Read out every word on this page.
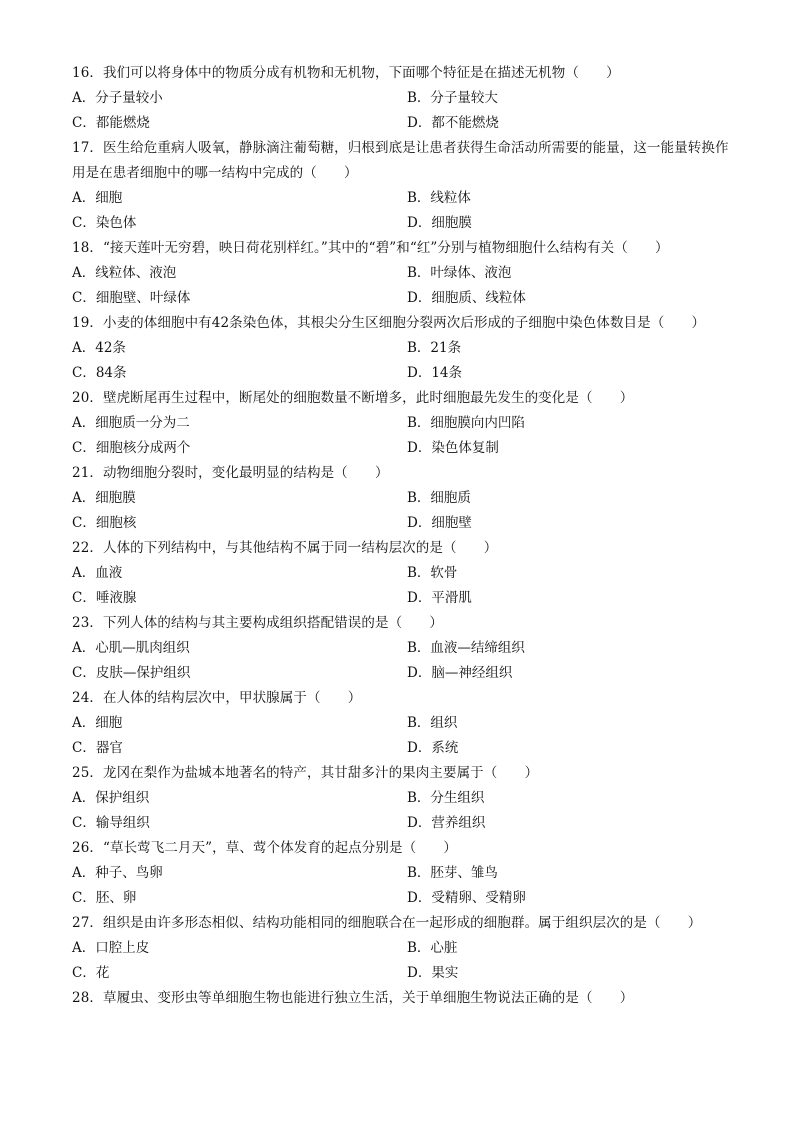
16．我们可以将身体中的物质分成有机物和无机物，下面哪个特征是在描述无机物（　　）
A．分子量较小	B．分子量较大
C．都能燃烧	D．都不能燃烧
17．医生给危重病人吸氧，静脉滴注葡萄糖，归根到底是让患者获得生命活动所需要的能量，这一能量转换作用是在患者细胞中的哪一结构中完成的（　　）
A．细胞	B．线粒体
C．染色体	D．细胞膜
18．“接天莲叶无穷碧，映日荷花别样红。”其中的“碧”和“红”分别与植物细胞什么结构有关（　　）
A．线粒体、液泡	B．叶绿体、液泡
C．细胞壁、叶绿体	D．细胞质、线粒体
19．小麦的体细胞中有42条染色体，其根尖分生区细胞分裂两次后形成的子细胞中染色体数目是（　　）
A．42条	B．21条
C．84条	D．14条
20．壁虎断尾再生过程中，断尾处的细胞数量不断增多，此时细胞最先发生的变化是（　　）
A．细胞质一分为二	B．细胞膜向内凹陷
C．细胞核分成两个	D．染色体复制
21．动物细胞分裂时，变化最明显的结构是（　　）
A．细胞膜	B．细胞质
C．细胞核	D．细胞壁
22．人体的下列结构中，与其他结构不属于同一结构层次的是（　　）
A．血液	B．软骨
C．唾液腺	D．平滑肌
23．下列人体的结构与其主要构成组织搭配错误的是（　　）
A．心肌—肌肉组织	B．血液—结缔组织
C．皮肤—保护组织	D．脑—神经组织
24．在人体的结构层次中，甲状腺属于（　　）
A．细胞	B．组织
C．器官	D．系统
25．龙冈在梨作为盐城本地著名的特产，其甘甜多汁的果肉主要属于（　　）
A．保护组织	B．分生组织
C．输导组织	D．营养组织
26．“草长莺飞二月天”，草、莺个体发育的起点分别是（　　）
A．种子、鸟卵	B．胚芽、雏鸟
C．胚、卵	D．受精卵、受精卵
27．组织是由许多形态相似、结构功能相同的细胞联合在一起形成的细胞群。属于组织层次的是（　　）
A．口腔上皮	B．心脏
C．花	D．果实
28．草履虫、变形虫等单细胞生物也能进行独立生活，关于单细胞生物说法正确的是（　　）
